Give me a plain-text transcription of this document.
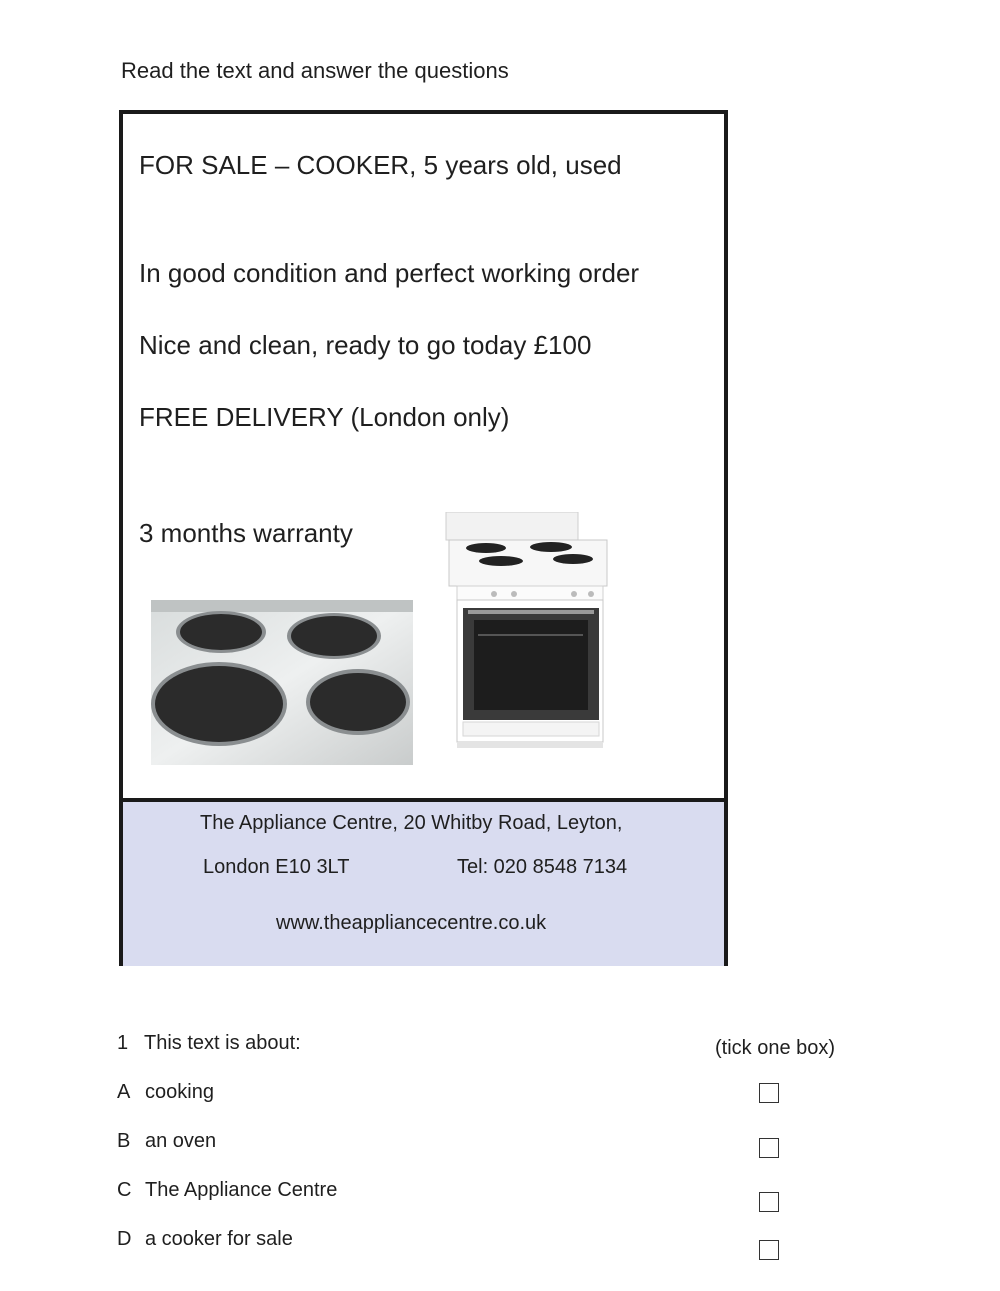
Read the text and answer the questions
FOR SALE – COOKER, 5 years old, used
In good condition and perfect working order
Nice and clean, ready to go today £100
FREE DELIVERY (London only)
3 months warranty
The Appliance Centre, 20 Whitby Road, Leyton,
London E10 3LT	Tel: 020 8548 7134
www.theappliancecentre.co.uk
1 This text is about:	(tick one box)
A cooking
B an oven
C The Appliance Centre
D a cooker for sale
